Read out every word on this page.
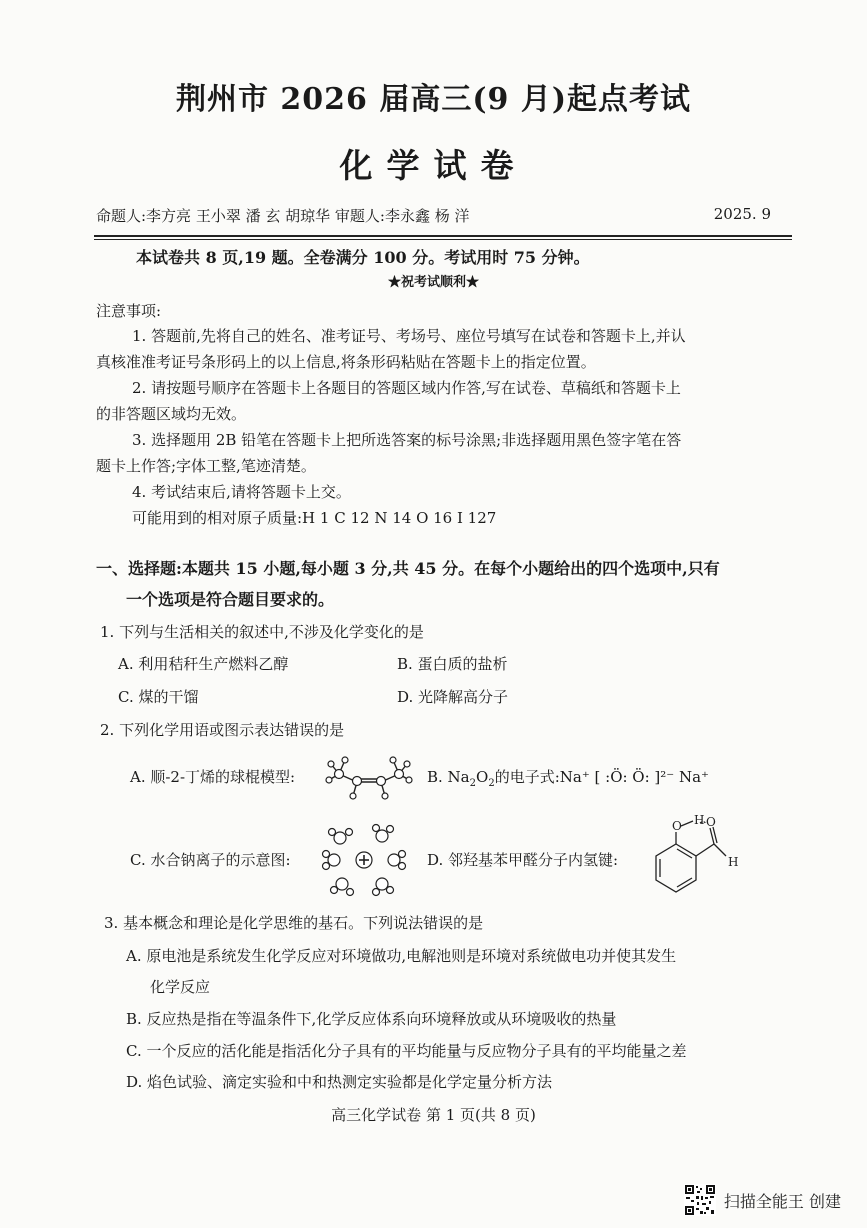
荆州市 2026 届高三(9 月)起点考试
化学试卷
命题人:李方亮 王小翠 潘 玄 胡琼华 审题人:李永鑫 杨 洋	2025. 9
本试卷共 8 页,19 题。全卷满分 100 分。考试用时 75 分钟。
★祝考试顺利★
注意事项:
1. 答题前,先将自己的姓名、准考证号、考场号、座位号填写在试卷和答题卡上,并认
真核准准考证号条形码上的以上信息,将条形码粘贴在答题卡上的指定位置。
2. 请按题号顺序在答题卡上各题目的答题区域内作答,写在试卷、草稿纸和答题卡上
的非答题区域均无效。
3. 选择题用 2B 铅笔在答题卡上把所选答案的标号涂黑;非选择题用黑色签字笔在答
题卡上作答;字体工整,笔迹清楚。
4. 考试结束后,请将答题卡上交。
可能用到的相对原子质量:H 1 C 12 N 14 O 16 I 127
一、选择题:本题共 15 小题,每小题 3 分,共 45 分。在每个小题给出的四个选项中,只有
一个选项是符合题目要求的。
1. 下列与生活相关的叙述中,不涉及化学变化的是
A. 利用秸秆生产燃料乙醇	B. 蛋白质的盐析
C. 煤的干馏	D. 光降解高分子
2. 下列化学用语或图示表达错误的是
A. 顺-2-丁烯的球棍模型:	B. $Na_2O_2$的电子式:Na⁺ [ :Ö: Ö: ]²⁻ Na⁺
C. 水合钠离子的示意图:	D. 邻羟基苯甲醛分子内氢键:
O H O
H
3. 基本概念和理论是化学思维的基石。下列说法错误的是
A. 原电池是系统发生化学反应对环境做功,电解池则是环境对系统做电功并使其发生
化学反应
B. 反应热是指在等温条件下,化学反应体系向环境释放或从环境吸收的热量
C. 一个反应的活化能是指活化分子具有的平均能量与反应物分子具有的平均能量之差
D. 焰色试验、滴定实验和中和热测定实验都是化学定量分析方法
高三化学试卷 第 1 页(共 8 页)
扫描全能王 创建
